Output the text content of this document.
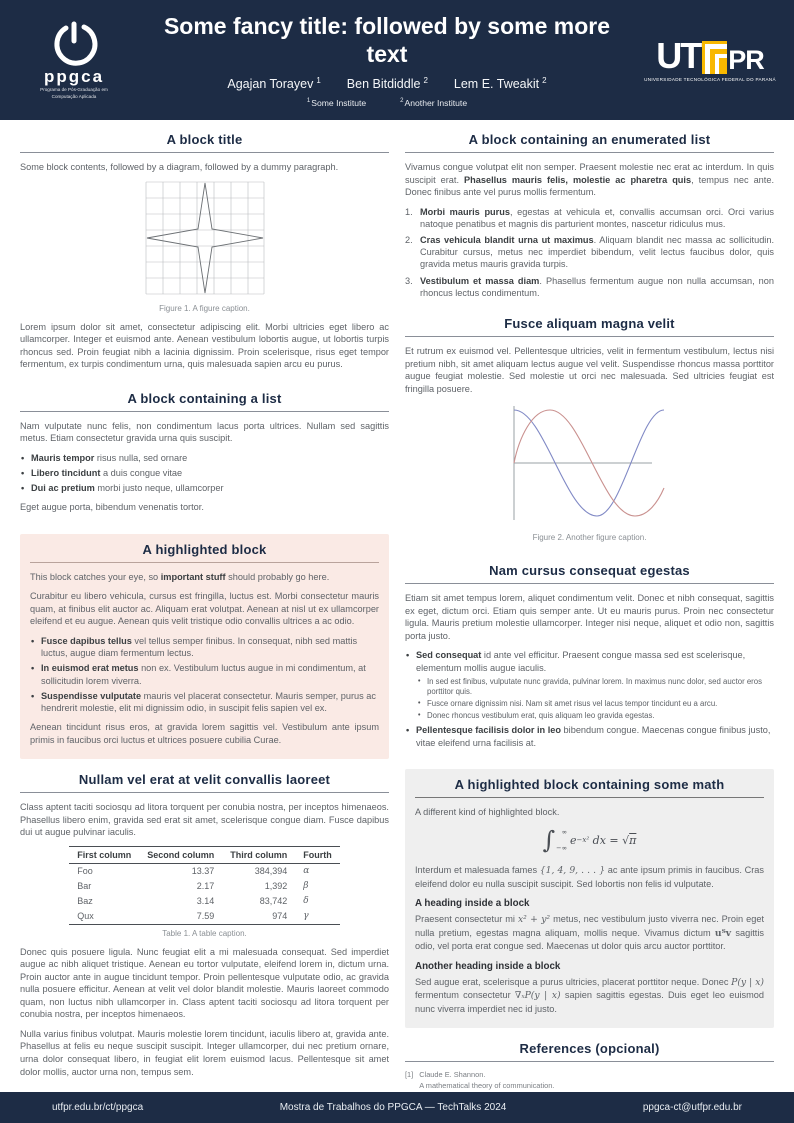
ppgca
Programa de Pós-Graduação em Computação Aplicada
Some fancy title: followed by some more text
Agajan Torayev $^1$ Ben Bitdiddle $^2$ Lem E. Tweakit $^2$
$^1$Some Institute	$^2$Another Institute
UT PR
UNIVERSIDADE TECNOLÓGICA FEDERAL DO PARANÁ
A block title

Some block contents, followed by a diagram, followed by a dummy paragraph.

Figure 1. A figure caption.

Lorem ipsum dolor sit amet, consectetur adipiscing elit. Morbi ultricies eget libero ac ullamcorper. Integer et euismod ante. Aenean vestibulum lobortis augue, ut lobortis turpis rhoncus sed. Proin feugiat nibh a lacinia dignissim. Proin scelerisque, risus eget tempor fermentum, ex turpis condimentum urna, quis malesuada sapien arcu eu purus.

A block containing a list

Nam vulputate nunc felis, non condimentum lacus porta ultrices. Nullam sed sagittis metus. Etiam consectetur gravida urna quis suscipit.

• Mauris tempor risus nulla, sed ornare
• Libero tincidunt a duis congue vitae
• Dui ac pretium morbi justo neque, ullamcorper

Eget augue porta, bibendum venenatis tortor.

A highlighted block

This block catches your eye, so important stuff should probably go here.

Curabitur eu libero vehicula, cursus est fringilla, luctus est. Morbi consectetur mauris quam, at finibus elit auctor ac. Aliquam erat volutpat. Aenean at nisl ut ex ullamcorper eleifend et eu augue. Aenean quis velit tristique odio convallis ultrices a ac odio.

• Fusce dapibus tellus vel tellus semper finibus. In consequat, nibh sed mattis luctus, augue diam fermentum lectus.
• In euismod erat metus non ex. Vestibulum luctus augue in mi condimentum, at sollicitudin lorem viverra.
• Suspendisse vulputate mauris vel placerat consectetur. Mauris semper, purus ac hendrerit molestie, elit mi dignissim odio, in suscipit felis sapien vel ex.

Aenean tincidunt risus eros, at gravida lorem sagittis vel. Vestibulum ante ipsum primis in faucibus orci luctus et ultrices posuere cubilia Curae.

Nullam vel erat at velit convallis laoreet

Class aptent taciti sociosqu ad litora torquent per conubia nostra, per inceptos himenaeos. Phasellus libero enim, gravida sed erat sit amet, scelerisque congue diam. Fusce dapibus dui ut augue pulvinar iaculis.

First column	Second column	Third column	Fourth
Foo	13.37	384,394	α
Bar	2.17	1,392	β
Baz	3.14	83,742	δ
Qux	7.59	974	γ
Table 1. A table caption.

Donec quis posuere ligula. Nunc feugiat elit a mi malesuada consequat. Sed imperdiet augue ac nibh aliquet tristique. Aenean eu tortor vulputate, eleifend lorem in, dictum urna. Proin auctor ante in augue tincidunt tempor. Proin pellentesque vulputate odio, ac gravida nulla posuere efficitur. Aenean at velit vel dolor blandit molestie. Mauris laoreet commodo quam, non luctus nibh ullamcorper in. Class aptent taciti sociosqu ad litora torquent per conubia nostra, per inceptos himenaeos.

Nulla varius finibus volutpat. Mauris molestie lorem tincidunt, iaculis libero at, gravida ante. Phasellus at felis eu neque suscipit suscipit. Integer ullamcorper, dui nec pretium ornare, urna dolor consequat libero, in feugiat elit lorem euismod lacus. Pellentesque sit amet dolor mollis, auctor urna non, tempus sem.

A block containing an enumerated list

Vivamus congue volutpat elit non semper. Praesent molestie nec erat ac interdum. In quis suscipit erat. Phasellus mauris felis, molestie ac pharetra quis, tempus nec ante. Donec finibus ante vel purus mollis fermentum.

Morbi mauris purus, egestas at vehicula et, convallis accumsan orci. Orci varius natoque penatibus et magnis dis parturient montes, nascetur ridiculus mus.
Cras vehicula blandit urna ut maximus. Aliquam blandit nec massa ac sollicitudin. Curabitur cursus, metus nec imperdiet bibendum, velit lectus faucibus dolor, quis gravida metus mauris gravida turpis.
Vestibulum et massa diam. Phasellus fermentum augue non nulla accumsan, non rhoncus lectus condimentum.
Fusce aliquam magna velit

Et rutrum ex euismod vel. Pellentesque ultricies, velit in fermentum vestibulum, lectus nisi pretium nibh, sit amet aliquam lectus augue vel velit. Suspendisse rhoncus massa porttitor augue feugiat molestie. Sed molestie ut orci nec malesuada. Sed ultricies feugiat est fringilla posuere.

Figure 2. Another figure caption.
Nam cursus consequat egestas

Etiam sit amet tempus lorem, aliquet condimentum velit. Donec et nibh consequat, sagittis ex eget, dictum orci. Etiam quis semper ante. Ut eu mauris purus. Proin nec consectetur ligula. Mauris pretium molestie ullamcorper. Integer nisi neque, aliquet et odio non, sagittis porta justo.

• Sed consequat id ante vel efficitur. Praesent congue massa sed est scelerisque, elementum mollis augue iaculis.
• In sed est finibus, vulputate nunc gravida, pulvinar lorem. In maximus nunc dolor, sed auctor eros porttitor quis.
• Fusce ornare dignissim nisi. Nam sit amet risus vel lacus tempor tincidunt eu a arcu.
• Donec rhoncus vestibulum erat, quis aliquam leo gravida egestas.
• Pellentesque facilisis dolor in leo bibendum congue. Maecenas congue finibus justo, vitae eleifend urna facilisis at.
A highlighted block containing some math

A different kind of highlighted block.

∫ ∞
−∞
e −x²
dx
=
√π

Interdum et malesuada fames {1, 4, 9, . . . } ac ante ipsum primis in faucibus. Cras eleifend dolor eu nulla suscipit suscipit. Sed lobortis non felis id vulputate.

A heading inside a block

Praesent consectetur mi x² + y² metus, nec vestibulum justo viverra nec. Proin eget nulla pretium, egestas magna aliquam, mollis neque. Vivamus dictum uᵀv sagittis odio, vel porta erat congue sed. Maecenas ut dolor quis arcu auctor porttitor.

Another heading inside a block

Sed augue erat, scelerisque a purus ultricies, placerat porttitor neque. Donec P(y | x) fermentum consectetur ∇ₓP(y | x) sapien sagittis egestas. Duis eget leo euismod nunc viverra imperdiet nec id justo.

References (opcional)
[1] Claude E. Shannon.
A mathematical theory of communication.
utfpr.edu.br/ct/ppgca	Mostra de Trabalhos do PPGCA — TechTalks 2024	ppgca-ct@utfpr.edu.br
